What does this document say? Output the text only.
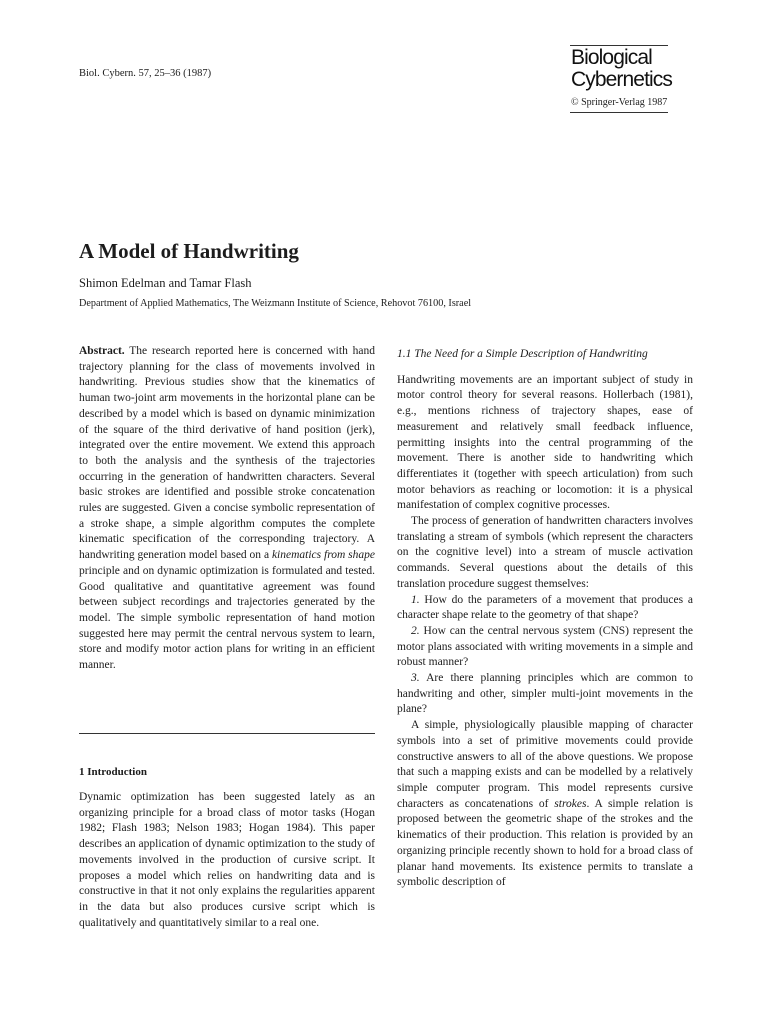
Biol. Cybern. 57, 25–36 (1987)
Biological
Cybernetics
© Springer-Verlag 1987
A Model of Handwriting
Shimon Edelman and Tamar Flash
Department of Applied Mathematics, The Weizmann Institute of Science, Rehovot 76100, Israel

Abstract. The research reported here is concerned with hand trajectory planning for the class of movements involved in handwriting. Previous studies show that the kinematics of human two-joint arm movements in the horizontal plane can be described by a model which is based on dynamic minimization of the square of the third derivative of hand position (jerk), integrated over the entire movement. We extend this approach to both the analysis and the synthesis of the trajectories occurring in the generation of handwritten characters. Several basic strokes are identified and possible stroke concatenation rules are suggested. Given a concise symbolic representation of a stroke shape, a simple algorithm computes the complete kinematic specification of the corresponding trajectory. A handwriting generation model based on a kinematics from shape principle and on dynamic optimization is formulated and tested. Good qualitative and quantitative agreement was found between subject recordings and trajectories generated by the model. The simple symbolic representation of hand motion suggested here may permit the central nervous system to learn, store and modify motor action plans for writing in an efficient manner.

1 Introduction

Dynamic optimization has been suggested lately as an organizing principle for a broad class of motor tasks (Hogan 1982; Flash 1983; Nelson 1983; Hogan 1984). This paper describes an application of dynamic optimization to the study of movements involved in the production of cursive script. It proposes a model which relies on handwriting data and is constructive in that it not only explains the regularities apparent in the data but also produces cursive script which is qualitatively and quantitatively similar to a real one.

1.1 The Need for a Simple Description of Handwriting

Handwriting movements are an important subject of study in motor control theory for several reasons. Hollerbach (1981), e.g., mentions richness of trajectory shapes, ease of measurement and relatively small feedback influence, permitting insights into the central programming of the movement. There is another side to handwriting which differentiates it (together with speech articulation) from such motor behaviors as reaching or locomotion: it is a physical manifestation of complex cognitive processes.

The process of generation of handwritten characters involves translating a stream of symbols (which represent the characters on the cognitive level) into a stream of muscle activation commands. Several questions about the details of this translation procedure suggest themselves:

1. How do the parameters of a movement that produces a character shape relate to the geometry of that shape?

2. How can the central nervous system (CNS) represent the motor plans associated with writing movements in a simple and robust manner?

3. Are there planning principles which are common to handwriting and other, simpler multi-joint movements in the plane?

A simple, physiologically plausible mapping of character symbols into a set of primitive movements could provide constructive answers to all of the above questions. We propose that such a mapping exists and can be modelled by a relatively simple computer program. This model represents cursive characters as concatenations of strokes. A simple relation is proposed between the geometric shape of the strokes and the kinematics of their production. This relation is provided by an organizing principle recently shown to hold for a broad class of planar hand movements. Its existence permits to translate a symbolic description of
